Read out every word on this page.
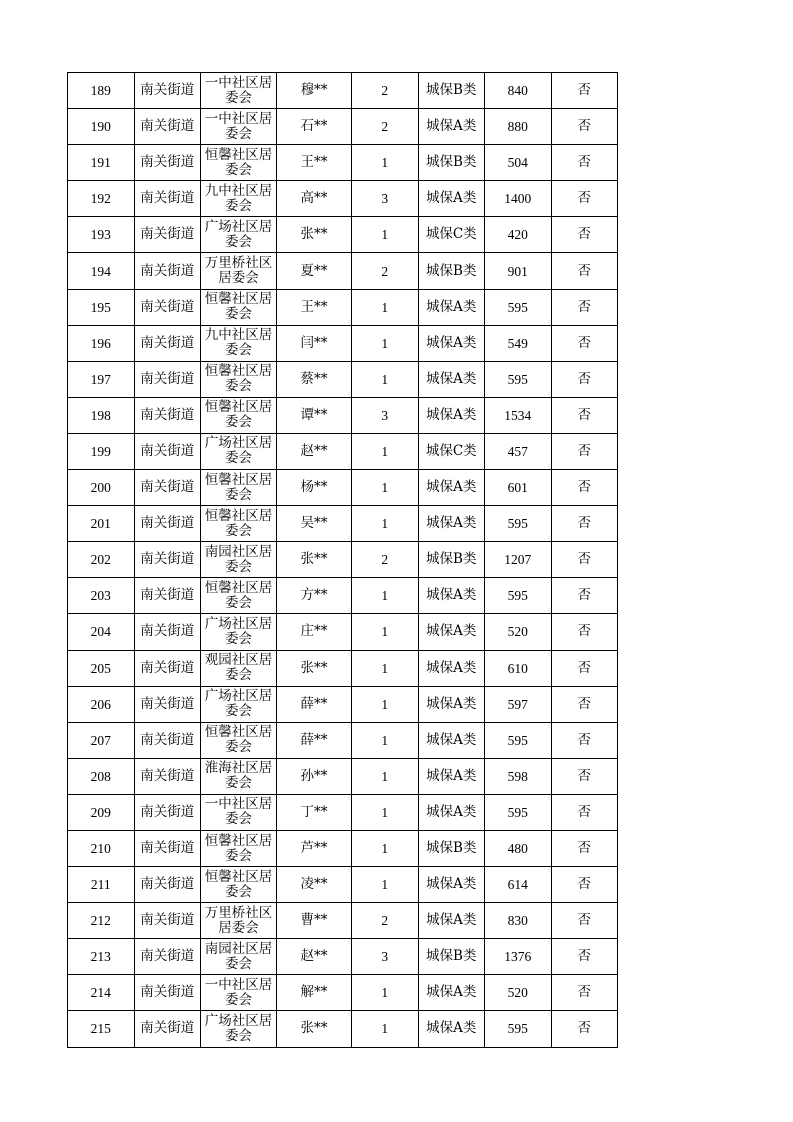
189	南关街道	一中社区居委会	穆**	2	城保B类	840	否
190	南关街道	一中社区居委会	石**	2	城保A类	880	否
191	南关街道	恒馨社区居委会	王**	1	城保B类	504	否
192	南关街道	九中社区居委会	高**	3	城保A类	1400	否
193	南关街道	广场社区居委会	张**	1	城保C类	420	否
194	南关街道	万里桥社区居委会	夏**	2	城保B类	901	否
195	南关街道	恒馨社区居委会	王**	1	城保A类	595	否
196	南关街道	九中社区居委会	闫**	1	城保A类	549	否
197	南关街道	恒馨社区居委会	蔡**	1	城保A类	595	否
198	南关街道	恒馨社区居委会	谭**	3	城保A类	1534	否
199	南关街道	广场社区居委会	赵**	1	城保C类	457	否
200	南关街道	恒馨社区居委会	杨**	1	城保A类	601	否
201	南关街道	恒馨社区居委会	吴**	1	城保A类	595	否
202	南关街道	南园社区居委会	张**	2	城保B类	1207	否
203	南关街道	恒馨社区居委会	方**	1	城保A类	595	否
204	南关街道	广场社区居委会	庄**	1	城保A类	520	否
205	南关街道	观园社区居委会	张**	1	城保A类	610	否
206	南关街道	广场社区居委会	薛**	1	城保A类	597	否
207	南关街道	恒馨社区居委会	薛**	1	城保A类	595	否
208	南关街道	淮海社区居委会	孙**	1	城保A类	598	否
209	南关街道	一中社区居委会	丁**	1	城保A类	595	否
210	南关街道	恒馨社区居委会	芦**	1	城保B类	480	否
211	南关街道	恒馨社区居委会	凌**	1	城保A类	614	否
212	南关街道	万里桥社区居委会	曹**	2	城保A类	830	否
213	南关街道	南园社区居委会	赵**	3	城保B类	1376	否
214	南关街道	一中社区居委会	解**	1	城保A类	520	否
215	南关街道	广场社区居委会	张**	1	城保A类	595	否
